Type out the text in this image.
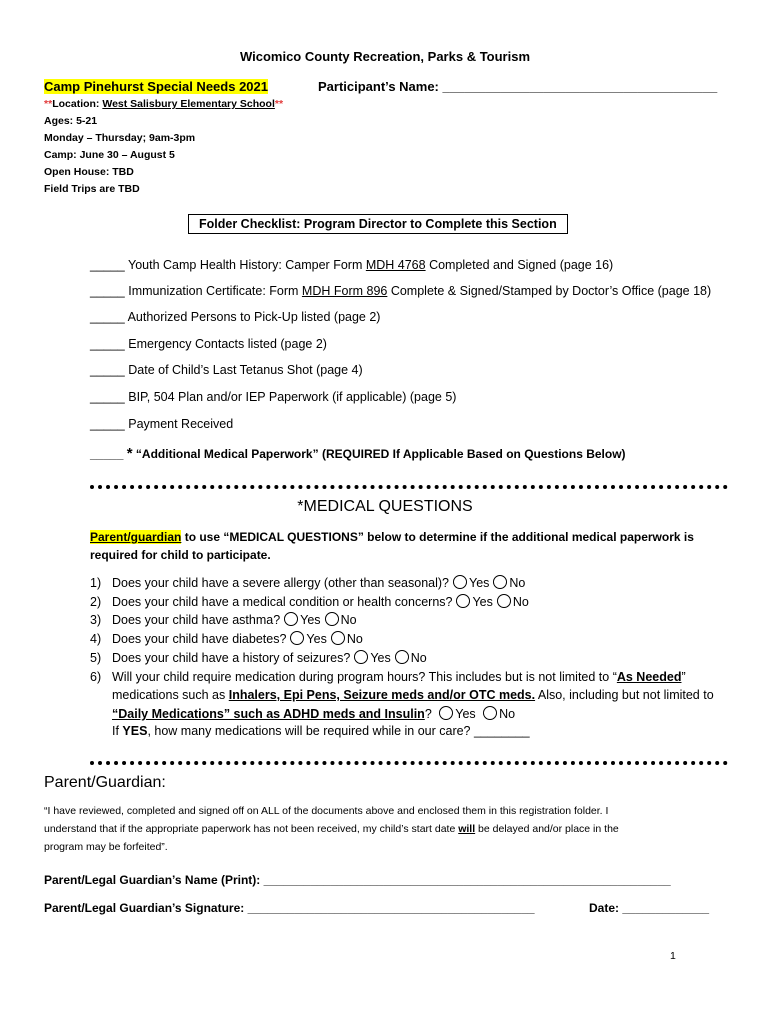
Wicomico County Recreation, Parks & Tourism
Camp Pinehurst Special Needs 2021	Participant’s Name: ______________________________________
**Location: West Salisbury Elementary School**
Ages: 5-21
Monday – Thursday; 9am-3pm
Camp: June 30 – August 5
Open House: TBD
Field Trips are TBD
Folder Checklist: Program Director to Complete this Section
_____ Youth Camp Health History: Camper Form MDH 4768 Completed and Signed (page 16)
_____ Immunization Certificate: Form MDH Form 896 Complete & Signed/Stamped by Doctor’s Office (page 18)
_____ Authorized Persons to Pick-Up listed (page 2)
_____ Emergency Contacts listed (page 2)
_____ Date of Child’s Last Tetanus Shot (page 4)
_____ BIP, 504 Plan and/or IEP Paperwork (if applicable) (page 5)
_____ Payment Received
_____ * “Additional Medical Paperwork” (REQUIRED If Applicable Based on Questions Below)
*MEDICAL QUESTIONS
Parent/guardian to use “MEDICAL QUESTIONS” below to determine if the additional medical paperwork is
required for child to participate.
1) Does your child have a severe allergy (other than seasonal)? Yes No
2) Does your child have a medical condition or health concerns? Yes No
3) Does your child have asthma? Yes No
4) Does your child have diabetes? Yes No
5) Does your child have a history of seizures? Yes No
6) Will your child require medication during program hours? This includes but is not limited to “As Needed”
medications such as Inhalers, Epi Pens, Seizure meds and/or OTC meds. Also, including but not limited to
“Daily Medications” such as ADHD meds and Insulin? Yes No
If YES, how many medications will be required while in our care? ________
Parent/Guardian:
“I have reviewed, completed and signed off on ALL of the documents above and enclosed them in this registration folder. I
understand that if the appropriate paperwork has not been received, my child’s start date will be delayed and/or place in the
program may be forfeited”.
Parent/Legal Guardian’s Name (Print): _____________________________________________________________
Parent/Legal Guardian’s Signature: ___________________________________________	Date: _____________
1
